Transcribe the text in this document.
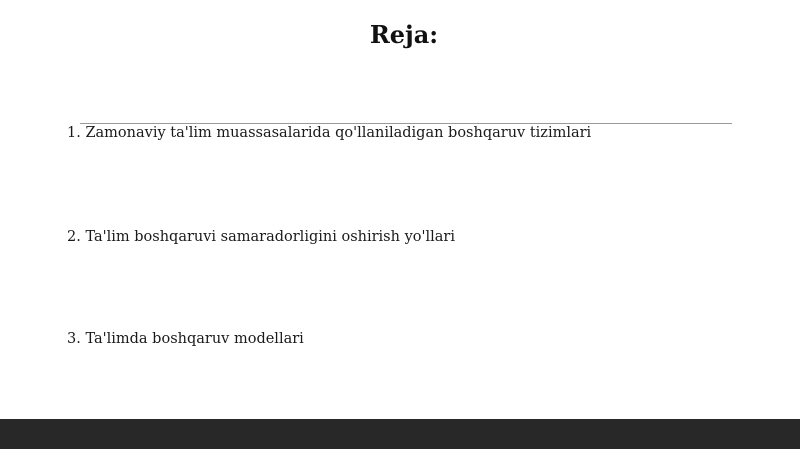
Reja:
1. Zamonaviy ta'lim muassasalarida qo'llaniladigan boshqaruv tizimlari
2. Ta'lim boshqaruvi samaradorligini oshirish yo'llari
3. Ta'limda boshqaruv modellari
